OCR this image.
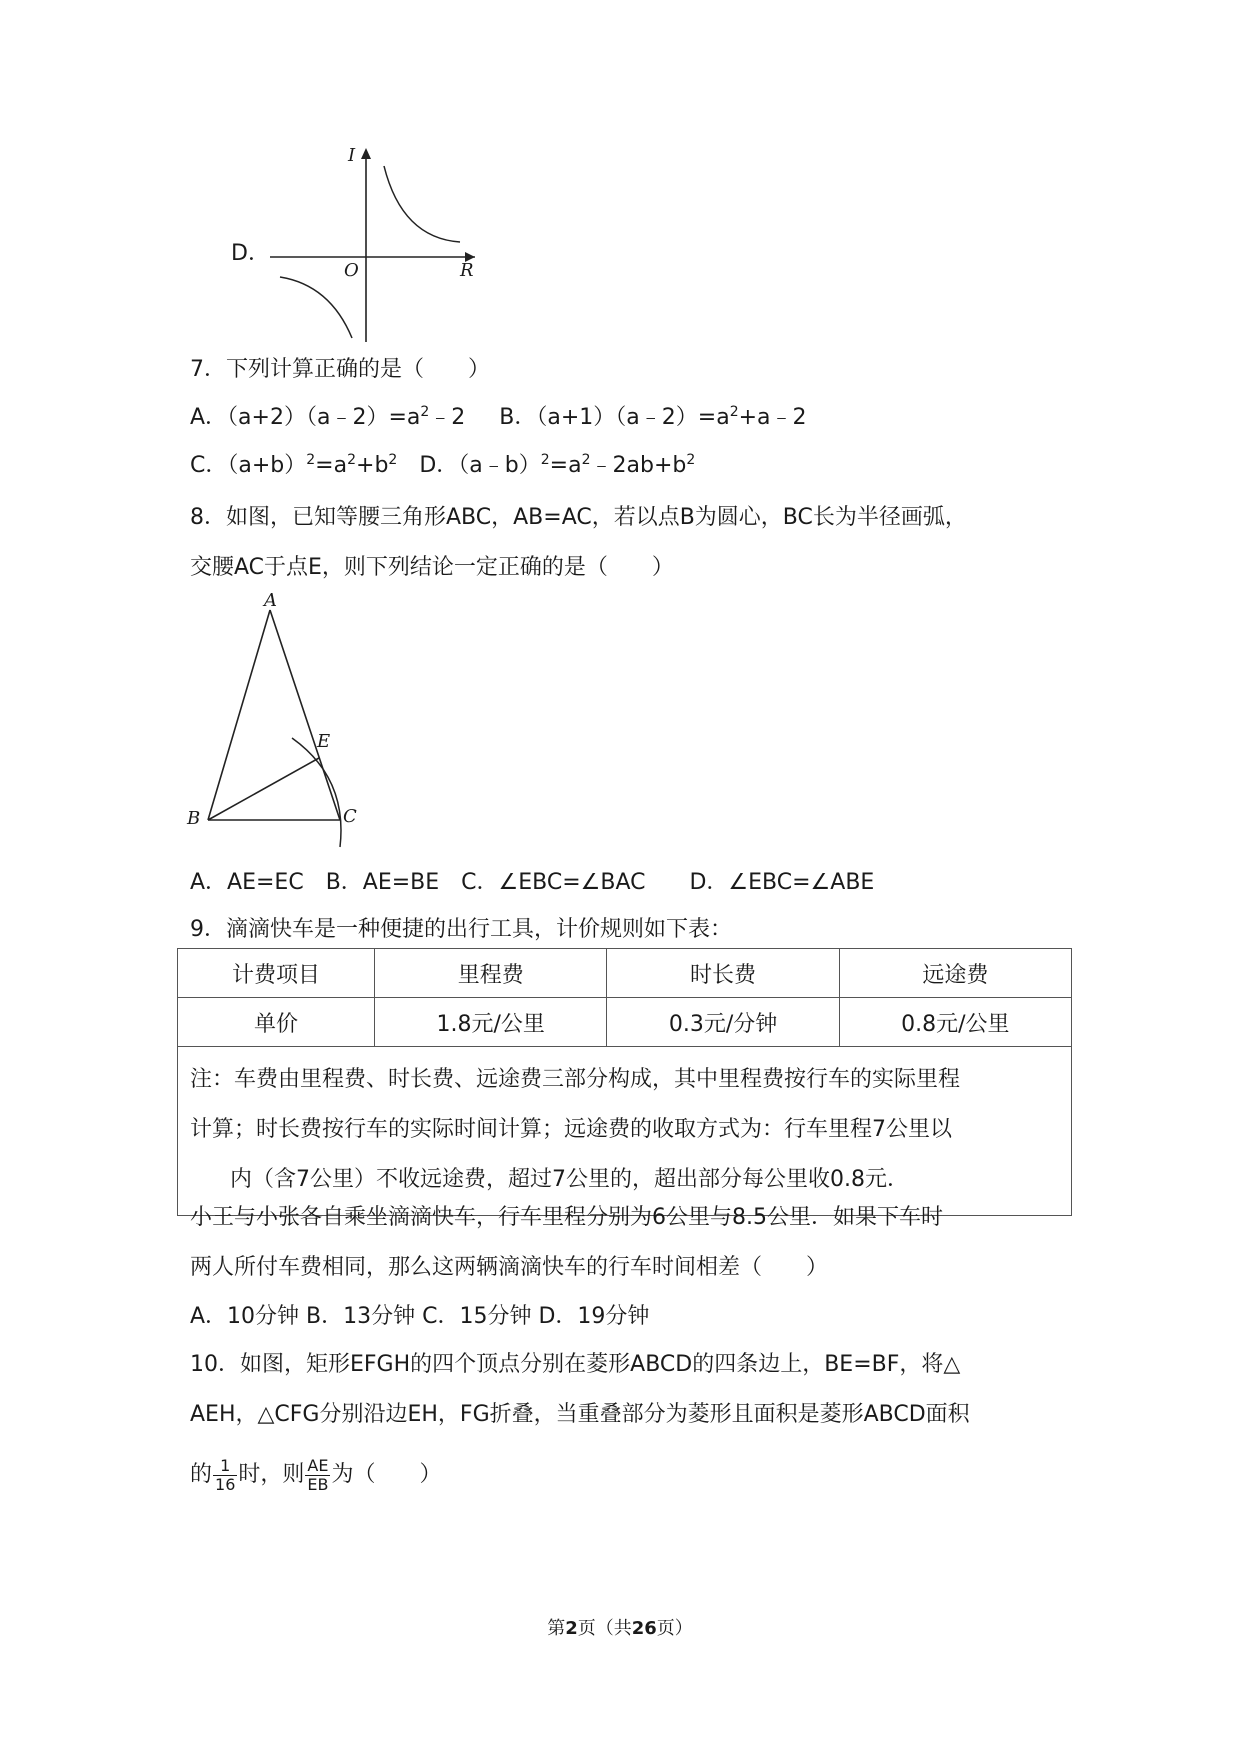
D．
I
R
O
7．下列计算正确的是（　　）
A．$(a+2)(a﹣2)=a^2﹣2$ B．$(a+1)(a﹣2)=a^2+a﹣2$
C．$(a+b)^2=a^2+b^2$ D．$(a﹣b)^2=a^2﹣2ab+b^2$
8．如图，已知等腰三角形ABC，AB=AC，若以点B为圆心，BC长为半径画弧，
交腰AC于点E，则下列结论一定正确的是（　　）
A
B	C
E
A．AE=EC　B．AE=BE　C．∠EBC=∠BAC　　D．∠EBC=∠ABE
9．滴滴快车是一种便捷的出行工具，计价规则如下表：
计费项目	里程费	时长费	远途费
单价	1.8元/公里	0.3元/分钟	0.8元/公里

注：车费由里程费、时长费、远途费三部分构成，其中里程费按行车的实际里程
计算；时长费按行车的实际时间计算；远途费的收取方式为：行车里程7公里以
内（含7公里）不收远途费，超过7公里的，超出部分每公里收0.8元．			
小王与小张各自乘坐滴滴快车，行车里程分别为6公里与8.5公里．如果下车时
两人所付车费相同，那么这两辆滴滴快车的行车时间相差（　　）
A．10分钟 B．13分钟 C．15分钟 D．19分钟
10．如图，矩形EFGH的四个顶点分别在菱形ABCD的四条边上，BE=BF，将△
AEH，△CFG分别沿边EH，FG折叠，当重叠部分为菱形且面积是菱形ABCD面积
的 $\frac{1}{16}$ 时，则 $\frac{AE}{EB}$ 为（　　）
第2页（共26页）
